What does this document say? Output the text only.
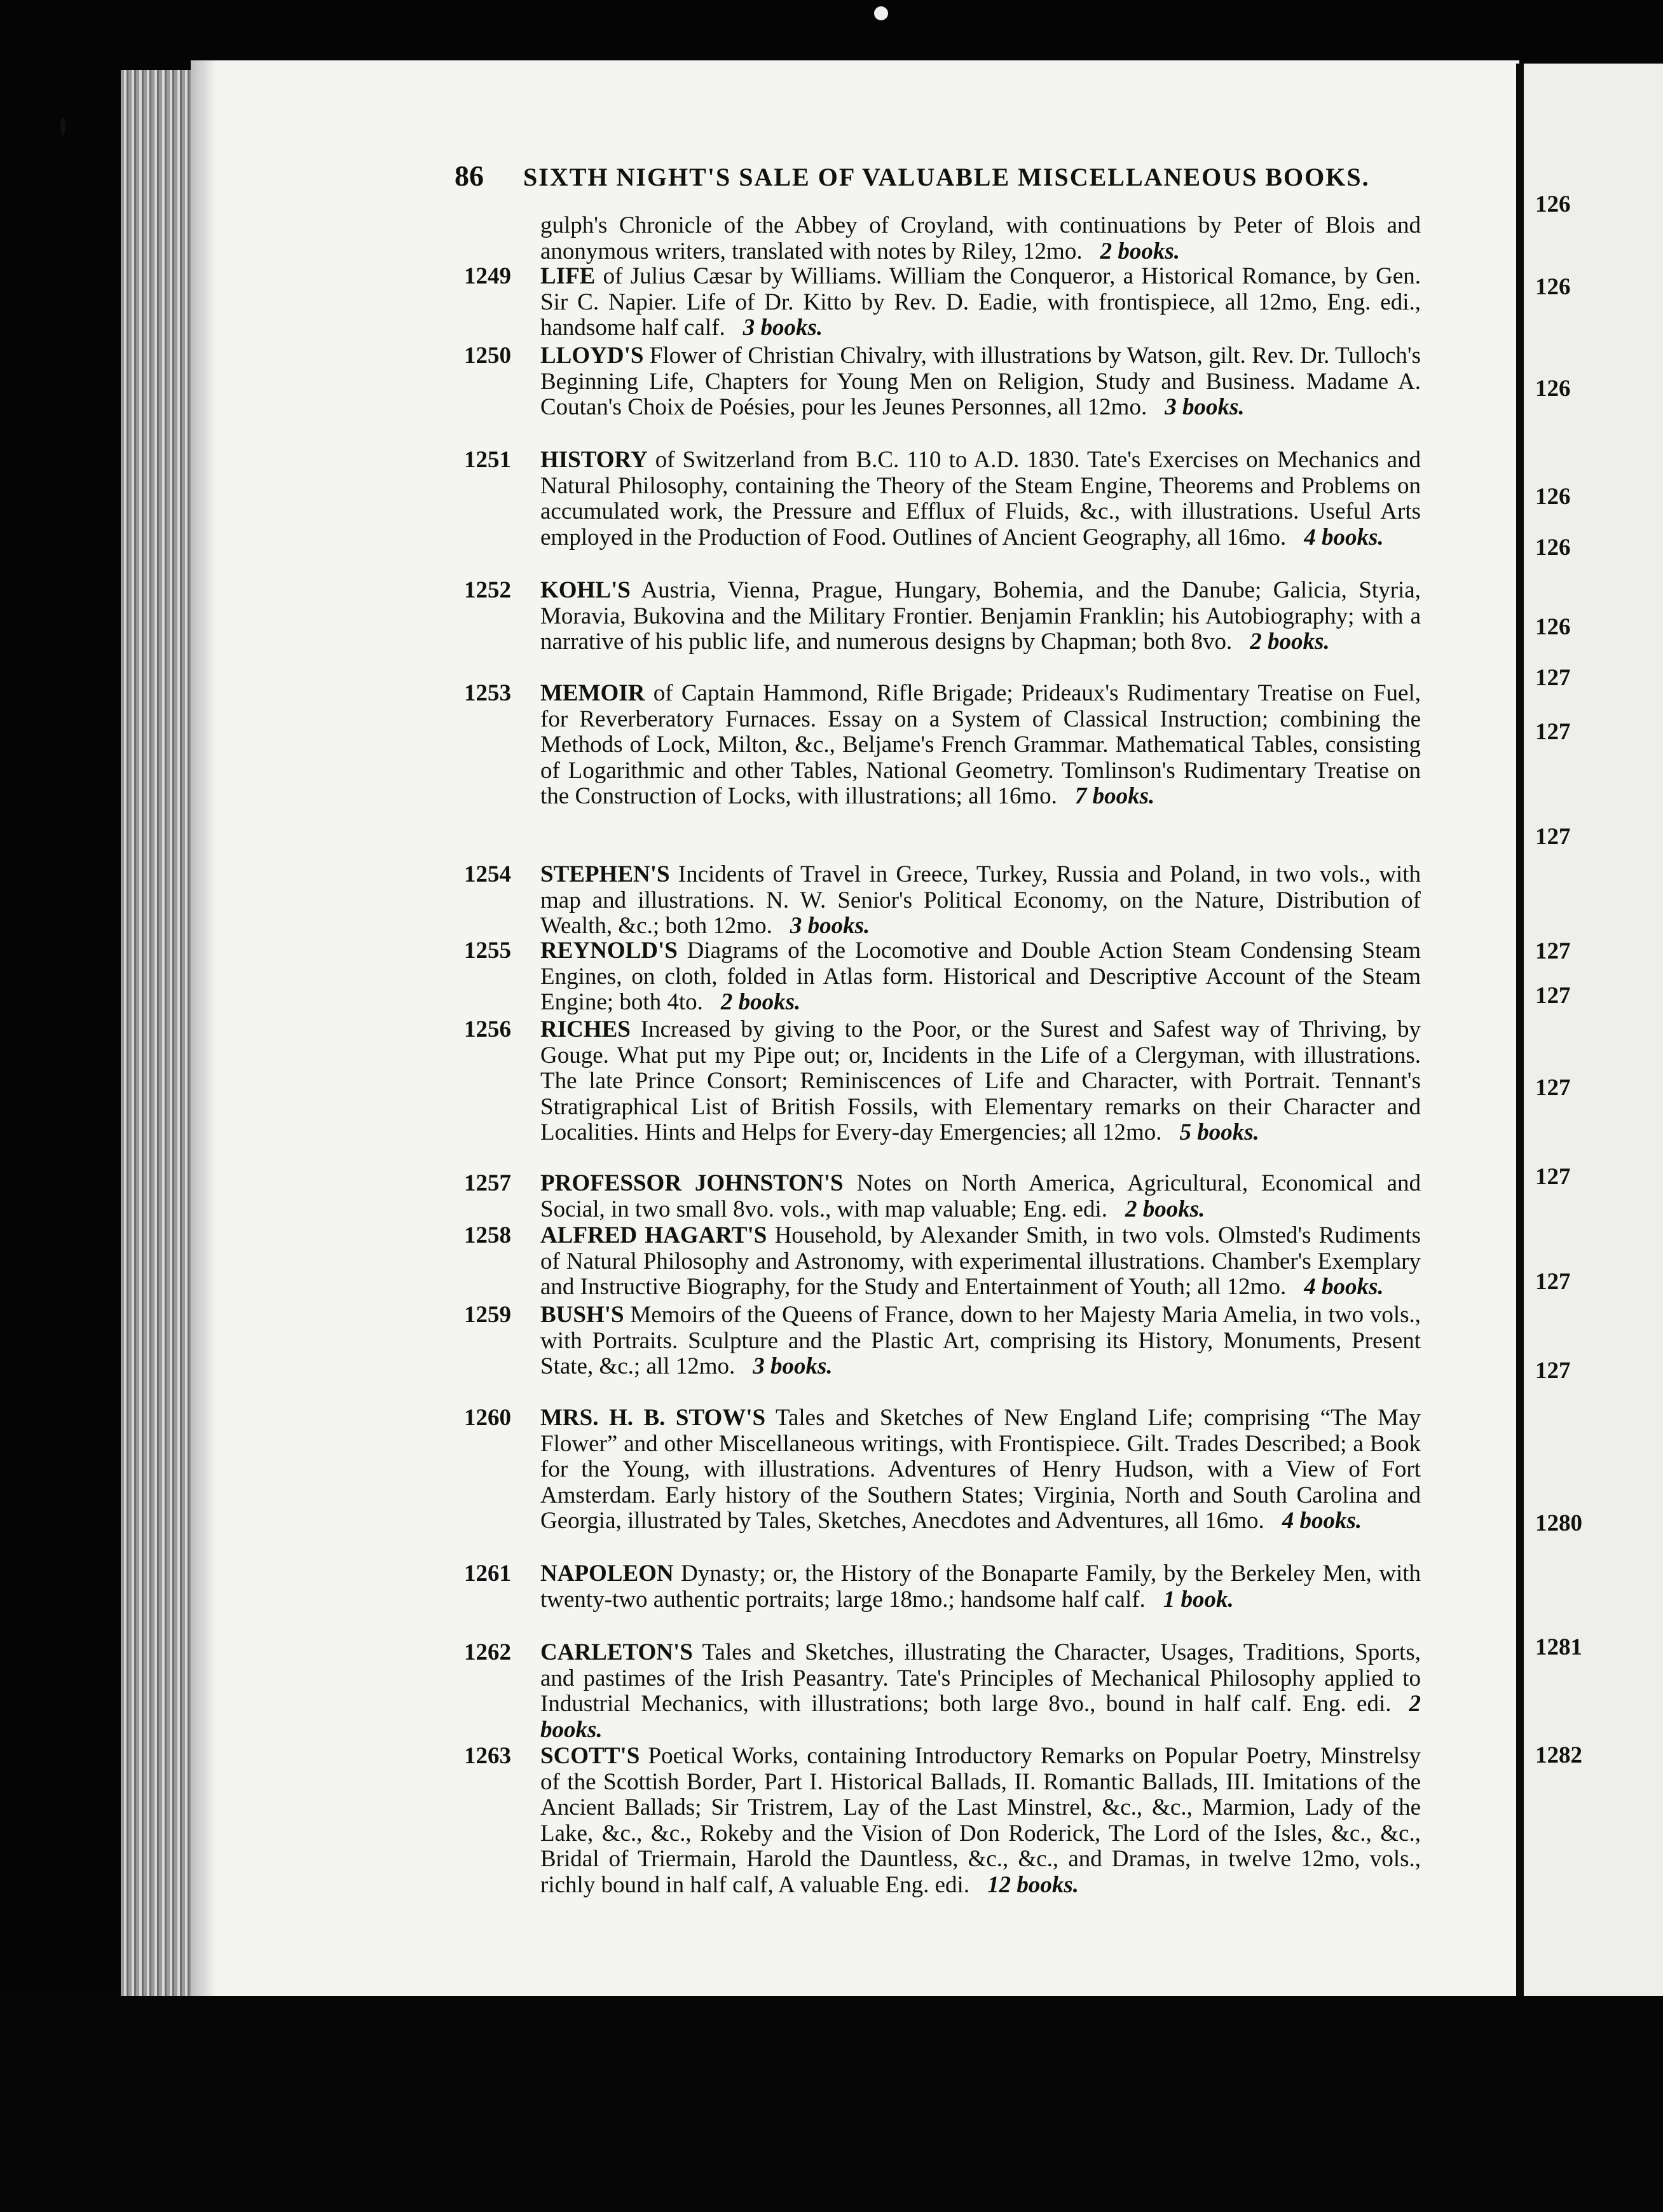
86 SIXTH NIGHT'S SALE OF VALUABLE MISCELLANEOUS BOOKS.
gulph's Chronicle of the Abbey of Croyland, with continuations by Peter of Blois and anonymous writers, translated with notes by Riley, 12mo. 2 books.
1249	LIFE of Julius Cæsar by Williams. William the Conqueror, a Historical Romance, by Gen. Sir C. Napier. Life of Dr. Kitto by Rev. D. Eadie, with frontispiece, all 12mo, Eng. edi., handsome half calf. 3 books.
1250	LLOYD'S Flower of Christian Chivalry, with illustrations by Watson, gilt. Rev. Dr. Tulloch's Beginning Life, Chapters for Young Men on Religion, Study and Business. Madame A. Coutan's Choix de Poésies, pour les Jeunes Personnes, all 12mo. 3 books.
1251	HISTORY of Switzerland from B.C. 110 to A.D. 1830. Tate's Exercises on Mechanics and Natural Philosophy, containing the Theory of the Steam Engine, Theorems and Problems on accumulated work, the Pressure and Efflux of Fluids, &c., with illustrations. Useful Arts employed in the Production of Food. Outlines of Ancient Geography, all 16mo. 4 books.
1252	KOHL'S Austria, Vienna, Prague, Hungary, Bohemia, and the Danube; Galicia, Styria, Moravia, Bukovina and the Military Frontier. Benjamin Franklin; his Autobiography; with a narrative of his public life, and numerous designs by Chapman; both 8vo. 2 books.
1253	MEMOIR of Captain Hammond, Rifle Brigade; Prideaux's Rudimentary Treatise on Fuel, for Reverberatory Furnaces. Essay on a System of Classical Instruction; combining the Methods of Lock, Milton, &c., Beljame's French Grammar. Mathematical Tables, consisting of Logarithmic and other Tables, National Geometry. Tomlinson's Rudimentary Treatise on the Construction of Locks, with illustrations; all 16mo. 7 books.
1254	STEPHEN'S Incidents of Travel in Greece, Turkey, Russia and Poland, in two vols., with map and illustrations. N. W. Senior's Political Economy, on the Nature, Distribution of Wealth, &c.; both 12mo. 3 books.
1255	REYNOLD'S Diagrams of the Locomotive and Double Action Steam Condensing Steam Engines, on cloth, folded in Atlas form. Historical and Descriptive Account of the Steam Engine; both 4to. 2 books.
1256	RICHES Increased by giving to the Poor, or the Surest and Safest way of Thriving, by Gouge. What put my Pipe out; or, Incidents in the Life of a Clergyman, with illustrations. The late Prince Consort; Reminiscences of Life and Character, with Portrait. Tennant's Stratigraphical List of British Fossils, with Elementary remarks on their Character and Localities. Hints and Helps for Every-day Emergencies; all 12mo. 5 books.
1257	PROFESSOR JOHNSTON'S Notes on North America, Agricultural, Economical and Social, in two small 8vo. vols., with map valuable; Eng. edi. 2 books.
1258	ALFRED HAGART'S Household, by Alexander Smith, in two vols. Olmsted's Rudiments of Natural Philosophy and Astronomy, with experimental illustrations. Chamber's Exemplary and Instructive Biography, for the Study and Entertainment of Youth; all 12mo. 4 books.
1259	BUSH'S Memoirs of the Queens of France, down to her Majesty Maria Amelia, in two vols., with Portraits. Sculpture and the Plastic Art, comprising its History, Monuments, Present State, &c.; all 12mo. 3 books.
1260	MRS. H. B. STOW'S Tales and Sketches of New England Life; comprising “The May Flower” and other Miscellaneous writings, with Frontispiece. Gilt. Trades Described; a Book for the Young, with illustrations. Adventures of Henry Hudson, with a View of Fort Amsterdam. Early history of the Southern States; Virginia, North and South Carolina and Georgia, illustrated by Tales, Sketches, Anecdotes and Adventures, all 16mo. 4 books.
1261	NAPOLEON Dynasty; or, the History of the Bonaparte Family, by the Berkeley Men, with twenty-two authentic portraits; large 18mo.; handsome half calf. 1 book.
1262	CARLETON'S Tales and Sketches, illustrating the Character, Usages, Traditions, Sports, and pastimes of the Irish Peasantry. Tate's Principles of Mechanical Philosophy applied to Industrial Mechanics, with illustrations; both large 8vo., bound in half calf. Eng. edi. 2 books.
1263	SCOTT'S Poetical Works, containing Introductory Remarks on Popular Poetry, Minstrelsy of the Scottish Border, Part I. Historical Ballads, II. Romantic Ballads, III. Imitations of the Ancient Ballads; Sir Tristrem, Lay of the Last Minstrel, &c., &c., Marmion, Lady of the Lake, &c., &c., Rokeby and the Vision of Don Roderick, The Lord of the Isles, &c., &c., Bridal of Triermain, Harold the Dauntless, &c., &c., and Dramas, in twelve 12mo, vols., richly bound in half calf, A valuable Eng. edi. 12 books.
126
126
126
126
126
126
127
127
127
127
127
127
127
127
127
1280
1281
1282
